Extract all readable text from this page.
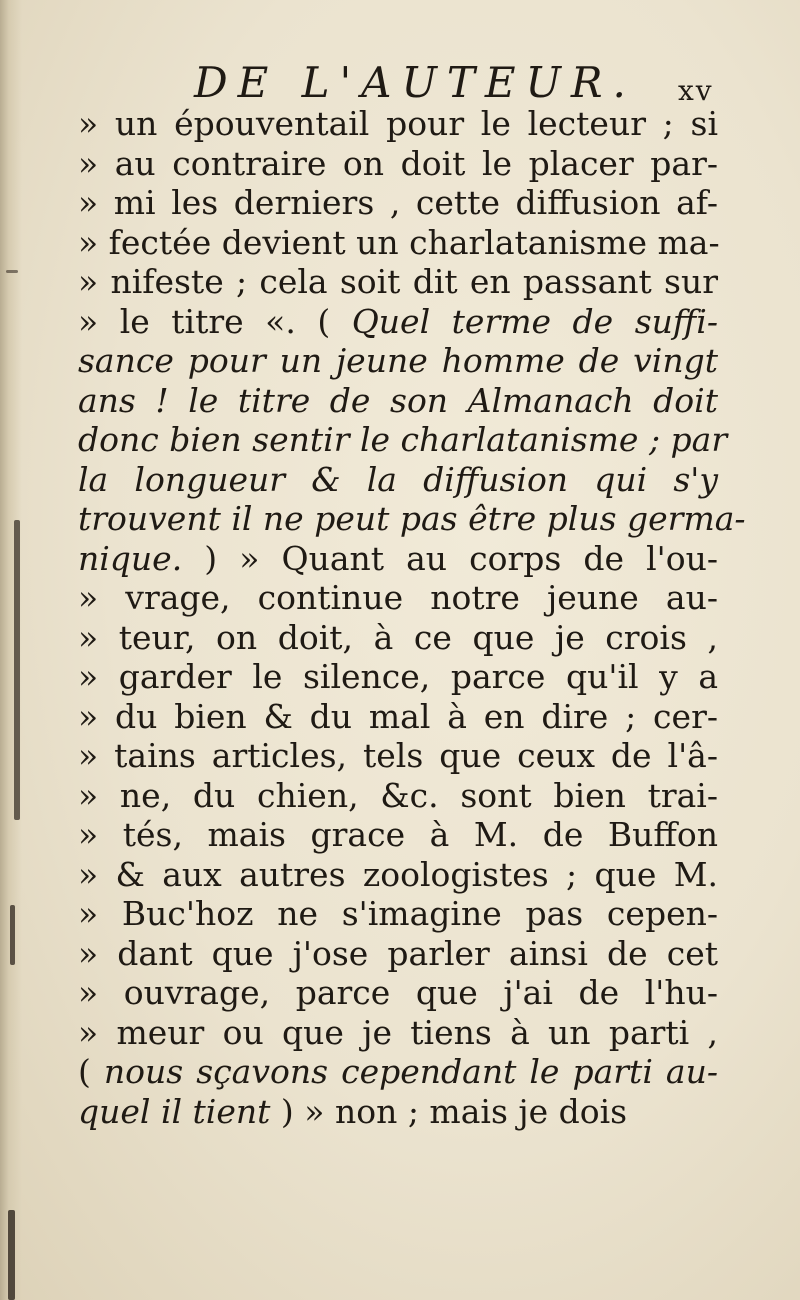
DE L'AUTEUR. xv
» un épouventail pour le lecteur ; si
» au contraire on doit le placer par-
» mi les derniers , cette diffusion af-
» fectée devient un charlatanisme ma-
» nifeste ; cela soit dit en passant sur
» le titre «. ( Quel terme de suffi-
sance pour un jeune homme de vingt
ans ! le titre de son Almanach doit
donc bien sentir le charlatanisme ; par
la longueur & la diffusion qui s'y
trouvent il ne peut pas être plus germa-
nique. ) » Quant au corps de l'ou-
» vrage, continue notre jeune au-
» teur, on doit, à ce que je crois ,
» garder le silence, parce qu'il y a
» du bien & du mal à en dire ; cer-
» tains articles, tels que ceux de l'â-
» ne, du chien, &c. sont bien trai-
» tés, mais grace à M. de Buffon
» & aux autres zoologistes ; que M.
» Buc'hoz ne s'imagine pas cepen-
» dant que j'ose parler ainsi de cet
» ouvrage, parce que j'ai de l'hu-
» meur ou que je tiens à un parti ,
( nous sçavons cependant le parti au-
quel il tient ) » non ; mais je dois
